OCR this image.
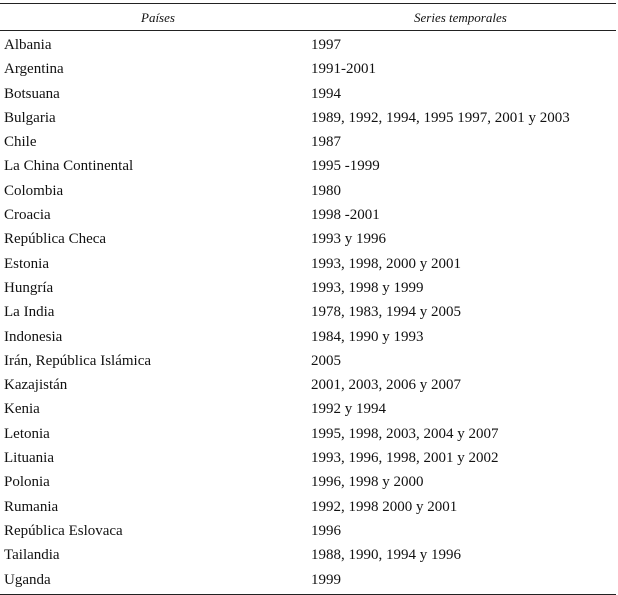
Países	Series temporales
Albania	1997
Argentina	1991-2001
Botsuana	1994
Bulgaria	1989, 1992, 1994, 1995 1997, 2001 y 2003
Chile	1987
La China Continental	1995 -1999
Colombia	1980
Croacia	1998 -2001
República Checa	1993 y 1996
Estonia	1993, 1998, 2000 y 2001
Hungría	1993, 1998 y 1999
La India	1978, 1983, 1994 y 2005
Indonesia	1984, 1990 y 1993
Irán, República Islámica	2005
Kazajistán	2001, 2003, 2006 y 2007
Kenia	1992 y 1994
Letonia	1995, 1998, 2003, 2004 y 2007
Lituania	1993, 1996, 1998, 2001 y 2002
Polonia	1996, 1998 y 2000
Rumania	1992, 1998 2000 y 2001
República Eslovaca	1996
Tailandia	1988, 1990, 1994 y 1996
Uganda	1999
